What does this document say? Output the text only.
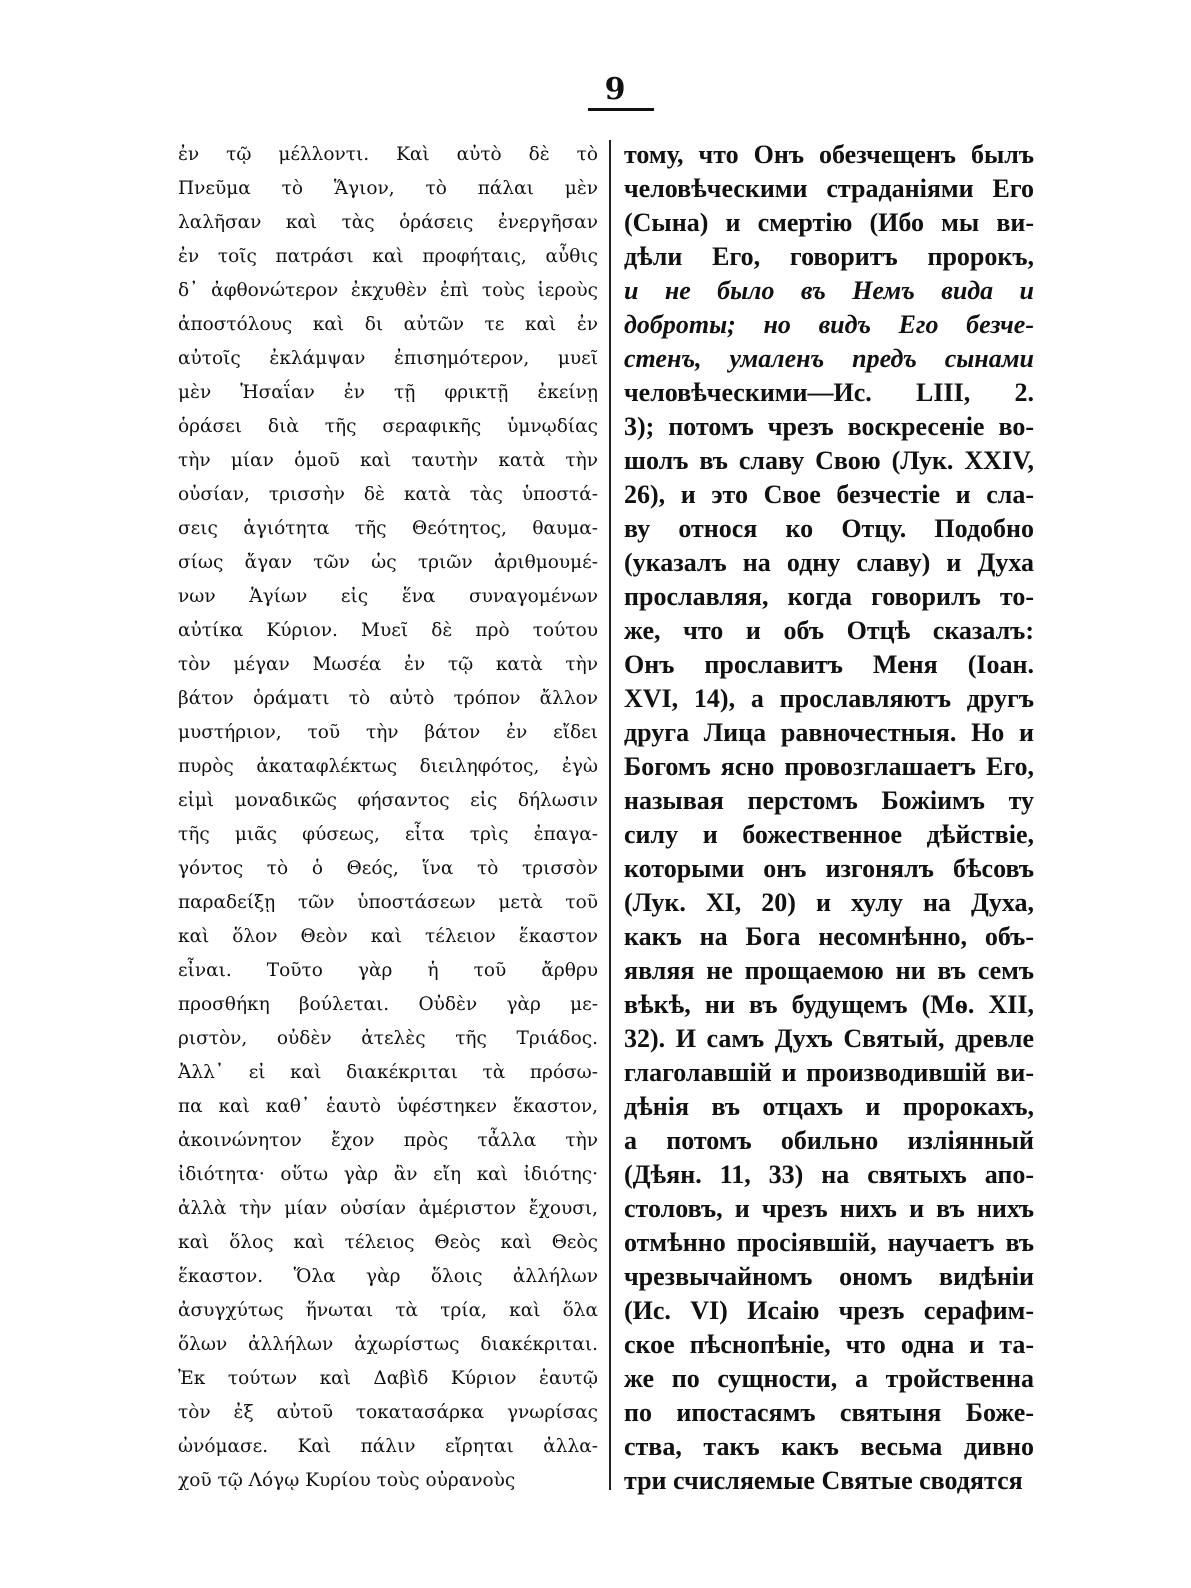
9
ἐν τῷ μέλλοντι. Καὶ αὐτὸ δὲ τὸ
Πνεῦμα τὸ Ἅγιον, τὸ πάλαι μὲν
λαλῆσαν καὶ τὰς ὁράσεις ἐνεργῆσαν
ἐν τοῖς πατράσι καὶ προφήταις, αὖθις
δ᾽ ἀφθονώτερον ἐκχυθὲν ἐπὶ τοὺς ἱεροὺς
ἀποστόλους καὶ δι αὐτῶν τε καὶ ἐν
αὐτοῖς ἐκλάμψαν ἐπισημότερον, μυεῖ
μὲν Ἡσαΐαν ἐν τῇ φρικτῇ ἐκείνῃ
ὁράσει διὰ τῆς σεραφικῆς ὑμνῳδίας
τὴν μίαν ὁμοῦ καὶ ταυτὴν κατὰ τὴν
οὐσίαν, τρισσὴν δὲ κατὰ τὰς ὑποστά-
σεις ἁγιότητα τῆς Θεότητος, θαυμα-
σίως ἄγαν τῶν ὡς τριῶν ἀριθμουμέ-
νων Ἁγίων εἰς ἕνα συναγομένων
αὐτίκα Κύριον. Μυεῖ δὲ πρὸ τούτου
τὸν μέγαν Μωσέα ἐν τῷ κατὰ τὴν
βάτον ὁράματι τὸ αὐτὸ τρόπον ἄλλον
μυστήριον, τοῦ τὴν βάτον ἐν εἴδει
πυρὸς ἀκαταφλέκτως διειληφότος, ἐγὼ
εἰμὶ μοναδικῶς φήσαντος εἰς δήλωσιν
τῆς μιᾶς φύσεως, εἶτα τρὶς ἐπαγα-
γόντος τὸ ὁ Θεός, ἵνα τὸ τρισσὸν
παραδείξῃ τῶν ὑποστάσεων μετὰ τοῦ
καὶ ὅλον Θεὸν καὶ τέλειον ἕκαστον
εἶναι. Τοῦτο γὰρ ἡ τοῦ ἄρθρυ
προσθήκη βούλεται. Οὐδὲν γὰρ με-
ριστὸν, οὐδὲν ἀτελὲς τῆς Τριάδος.
Ἀλλ᾽ εἰ καὶ διακέκριται τὰ πρόσω-
πα καὶ καθ᾽ ἑαυτὸ ὑφέστηκεν ἕκαστον,
ἀκοινώνητον ἔχον πρὸς τἆλλα τὴν
ἰδιότητα· οὕτω γὰρ ἂν εἴη καὶ ἰδιότης·
ἀλλὰ τὴν μίαν οὐσίαν ἀμέριστον ἔχουσι,
καὶ ὅλος καὶ τέλειος Θεὸς καὶ Θεὸς
ἕκαστον. Ὅλα γὰρ ὅλοις ἀλλήλων
ἀσυγχύτως ἥνωται τὰ τρία, καὶ ὅλα
ὅλων ἀλλήλων ἀχωρίστως διακέκριται.
Ἐκ τούτων καὶ Δαβὶδ Κύριον ἑαυτῷ
τὸν ἐξ αὐτοῦ τοκατασάρκα γνωρίσας
ὠνόμασε. Καὶ πάλιν εἴρηται ἀλλα-
χοῦ τῷ Λόγῳ Κυρίου τοὺς οὐρανοὺς
тому, что Онъ обезчещенъ былъ
человѣческими страданіями Его
(Сына) и смертію (Ибо мы ви-
дѣли Его, говоритъ пророкъ,
и не было въ Немъ вида и
доброты; но видъ Его безче-
стенъ, умаленъ предъ сынами
человѣческими—Ис. LIII, 2.
3); потомъ чрезъ воскресеніе во-
шолъ въ славу Свою (Лук. XXIV,
26), и это Свое безчестіе и сла-
ву относя ко Отцу. Подобно
(указалъ на одну славу) и Духа
прославляя, когда говорилъ то-
же, что и объ Отцѣ сказалъ:
Онъ прославитъ Меня (Іоан.
XVI, 14), а прославляютъ другъ
друга Лица равночестныя. Но и
Богомъ ясно провозглашаетъ Его,
называя перстомъ Божіимъ ту
силу и божественное дѣйствіе,
которыми онъ изгонялъ бѣсовъ
(Лук. XI, 20) и хулу на Духа,
какъ на Бога несомнѣнно, объ-
являя не прощаемою ни въ семъ
вѣкѣ, ни въ будущемъ (Мѳ. XII,
32). И самъ Духъ Святый, древле
глаголавшій и производившій ви-
дѣнія въ отцахъ и пророкахъ,
а потомъ обильно изліянный
(Дѣян. 11, 33) на святыхъ апо-
столовъ, и чрезъ нихъ и въ нихъ
отмѣнно просіявшій, научаетъ въ
чрезвычайномъ ономъ видѣніи
(Ис. VI) Исаію чрезъ серафим-
ское пѣснопѣніе, что одна и та-
же по сущности, а тройственна
по ипостасямъ святыня Боже-
ства, такъ какъ весьма дивно
три счисляемые Святые сводятся
